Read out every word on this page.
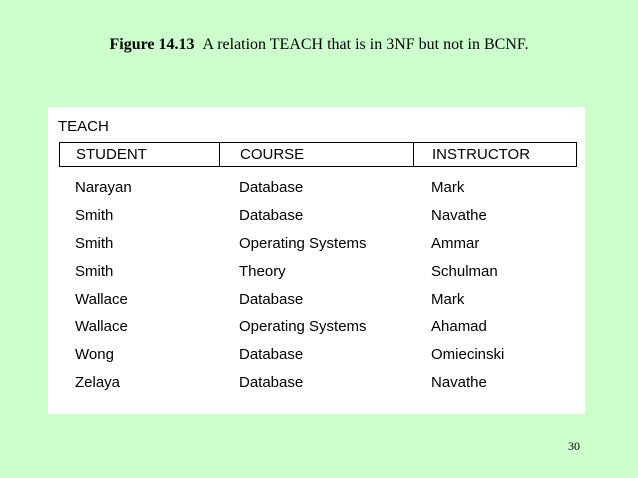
Figure 14.13 A relation TEACH that is in 3NF but not in BCNF.
TEACH
STUDENT	COURSE	INSTRUCTOR
Narayan	Database	Mark
Smith	Database	Navathe
Smith	Operating Systems	Ammar
Smith	Theory	Schulman
Wallace	Database	Mark
Wallace	Operating Systems	Ahamad
Wong	Database	Omiecinski
Zelaya	Database	Navathe
30
